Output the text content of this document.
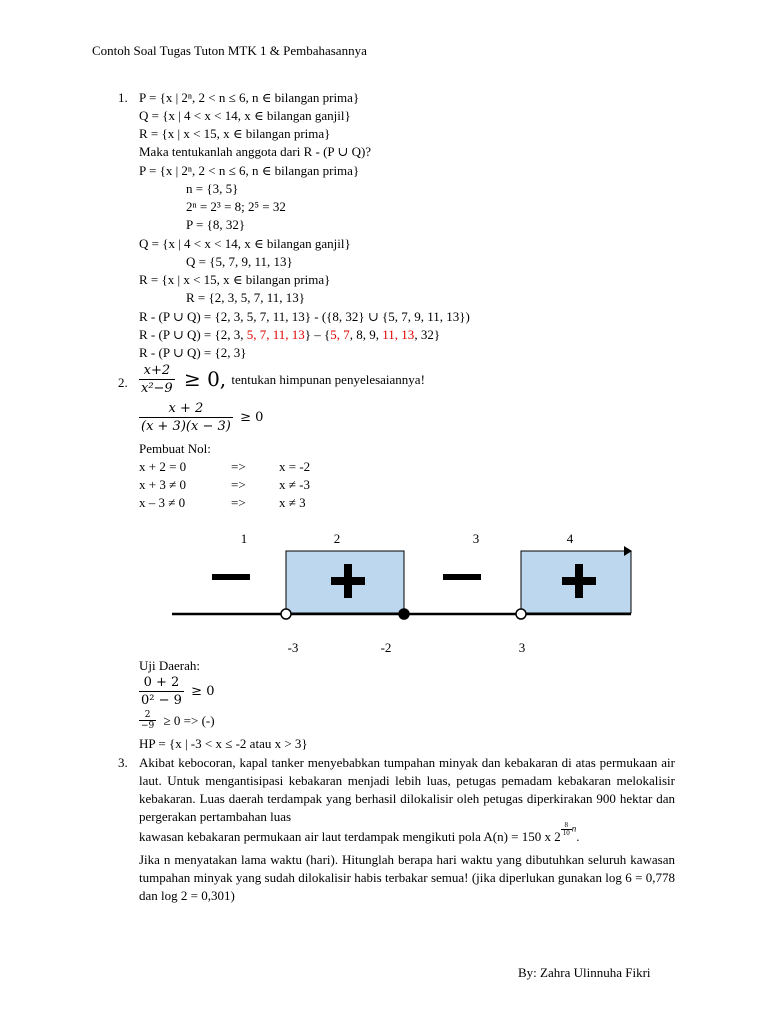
Contoh Soal Tugas Tuton MTK 1 & Pembahasannya
1. P = {x | 2ⁿ, 2 < n ≤ 6, n ∈ bilangan prima}
Q = {x | 4 < x < 14, x ∈ bilangan ganjil}
R = {x | x < 15, x ∈ bilangan prima}
Maka tentukanlah anggota dari R - (P ∪ Q)?
P = {x | 2ⁿ, 2 < n ≤ 6, n ∈ bilangan prima}
n = {3, 5}
2ⁿ = 2³ = 8; 2⁵ = 32
P = {8, 32}
Q = {x | 4 < x < 14, x ∈ bilangan ganjil}
Q = {5, 7, 9, 11, 13}
R = {x | x < 15, x ∈ bilangan prima}
R = {2, 3, 5, 7, 11, 13}
R - (P ∪ Q) = {2, 3, 5, 7, 11, 13} - ({8, 32} ∪ {5, 7, 9, 11, 13})
R - (P ∪ Q) = {2, 3, 5, 7, 11, 13} – {5, 7, 8, 9, 11, 13, 32}
R - (P ∪ Q) = {2, 3}
2. $\frac{x+2}{\text{x²−9}} \ge 0$, tentukan himpunan penyelesaiannya!
$\frac{x + 2}{(x + 3)(x - 3)} \ge 0$
Pembuat Nol:
x + 2 = 0	=>	x = -2
x + 3 ≠ 0	=>	x ≠ -3
x – 3 ≠ 0	=>	x ≠ 3
1	2	3	4
-3	-2	3
Uji Daerah:
$\frac{0 + 2}{\text{0² − 9}} \ge 0$
$\frac{2}{-9} \ge 0$ => (-)
HP = {x | -3 < x ≤ -2 atau x > 3}
3. Akibat kebocoran, kapal tanker menyebabkan tumpahan minyak dan kebakaran di atas permukaan air laut. Untuk mengantisipasi kebakaran menjadi lebih luas, petugas pemadam kebakaran melokalisir kebakaran. Luas daerah terdampak yang berhasil dilokalisir oleh petugas diperkirakan 900 hektar dan pergerakan pertambahan luas
kawasan kebakaran permukaan air laut terdampak mengikuti pola A(n) = 150 x 2 $^{\frac{8}{10} n}$.
Jika n menyatakan lama waktu (hari). Hitunglah berapa hari waktu yang dibutuhkan seluruh kawasan tumpahan minyak yang sudah dilokalisir habis terbakar semua! (jika diperlukan gunakan log 6 = 0,778 dan log 2 = 0,301)
By: Zahra Ulinnuha Fikri
